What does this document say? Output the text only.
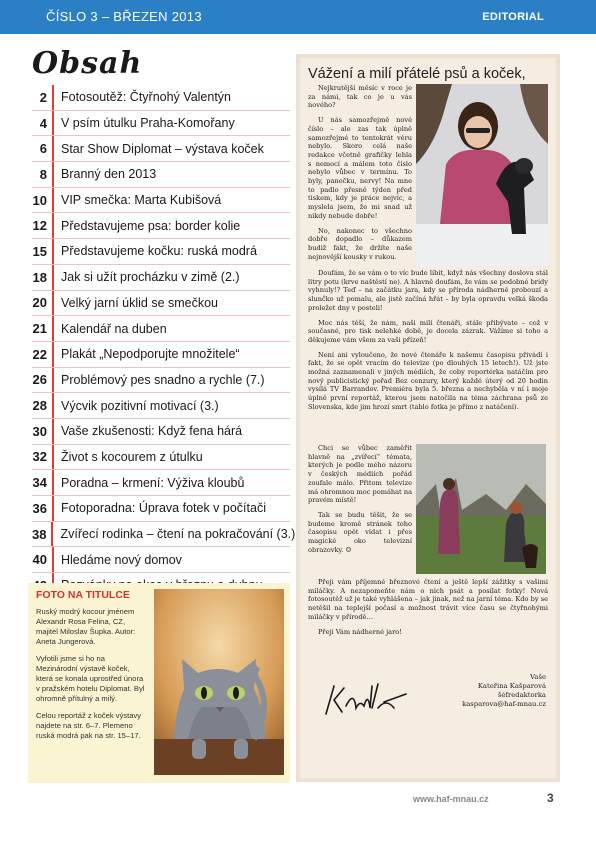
ČÍSLO 3 – BŘEZEN 2013	EDITORIAL
Obsah
2	Fotosoutěž: Čtyřnohý Valentýn
4	V psím útulku Praha-Komořany
6	Star Show Diplomat – výstava koček
8	Branný den 2013
10	VIP smečka: Marta Kubišová
12	Představujeme psa: border kolie
15	Představujeme kočku: ruská modrá
18	Jak si užít procházku v zimě (2.)
20	Velký jarní úklid se smečkou
21	Kalendář na duben
22	Plakát „Nepodporujte množitele“
26	Problémový pes snadno a rychle (7.)
28	Výcvik pozitivní motivací (3.)
30	Vaše zkušenosti: Když fena hárá
32	Život s kocourem z útulku
34	Poradna – krmení: Výživa kloubů
36	Fotoporadna: Úprava fotek v počítači
38	Zvířecí rodinka – čtení na pokračování (3.)
40	Hledáme nový domov
FOTO NA TITULCE

Ruský modrý kocour jménem Alexandr Rosa Felina, CZ, majitel Miloslav Šupka. Autor: Aneta Jungerová.

Vyfotili jsme si ho na Mezinárodní výstavě koček, která se konala uprostřed února v pražském hotelu Diplomat. Byl ohromně přítulný a milý.

Celou reportáž z koček výstavy najdete na str. 6–7. Plemeno ruská modrá pak na str. 15–17.

Vážení a milí přátelé psů a koček,

Nejkrutější měsíc v roce je za námi, tak co je u vás nového?

U nás samozřejmě nové číslo – ale zas tak úplně samozřejmé to tentokrát věru nebylo. Skoro celá naše redakce včetně grafičky lehla s nemocí a málem toto číslo nebylo vůbec v termínu. To byly, panečku, nervy! Na mne to padlo přesně týden před tiskem, kdy je práce nejvíc, a myslela jsem, že mi snad už nikdy nebude dobře!

No, nakonec to všechno dobře dopadlo – důkazem budiž fakt, že držíte naše nejnovější kousky v rukou.

Doufám, že se vám o to víc bude líbit, když nás všechny doslova stál litry potu (krve naštěstí ne). A hlavně doufám, že vám se podobné bridy vyhnuly!? Teď – na začátku jara, kdy se příroda nádherně probouzí a slunčko už pomalu, ale jistě začíná hřát – by byla opravdu velká škoda proležet dny v posteli!

Moc nás těší, že nám, naši milí čtenáři, stále přibývate – což v současné, pro tisk nelehké době, je docela zázrak. Vážíme si toho a děkujeme vám všem za vaši přízeň!

Není ani vyloučeno, že nové čtenáře k našemu časopisu přivádí i fakt, že se opět vracím do televize (po dlouhých 15 letech!). Už jste možná zaznamenali v jiných médiích, že coby reportérka natáčím pro nový publicistický pořad Bez cenzury, který každé úterý od 20 hodin vysílá TV Barrandov. Premiéra byla 5. března a nechyběla v ní i moje úplně první reportáž, kterou jsem natočila na téma záchrana psů ze Slovenska, kde jim hrozí smrt (tablo fotka je přímo z natáčení).

Chci se vůbec zaměřit hlavně na „zvířecí“ témata, kterých je podle mého názoru v českých médiích pořád zoufale málo. Přitom televize má ohromnou moc pomáhat na pravém místě!

Tak se budu těšit, že se budeme kromě stránek toho časopisu opět vídat i přes magické oko televizní obrazovky. ☺

Přeji vám příjemné březnové čtení a ještě lepší zážitky s vašimi miláčky. A nezapomeňte nám o nich psát a posílat fotky! Nová fotosoutěž už je také vyhlášena – jak jinak, než na jarní téma. Kdo by se netěšil na teplejší počasí a možnost trávit více času se čtyřnohými miláčky v přírodě…

Přeji Vám nádherné jaro!

Vaše
Kateřina Kašparová
šéfredaktorka
kasparova@haf-mnau.cz
www.haf-mnau.cz	3
